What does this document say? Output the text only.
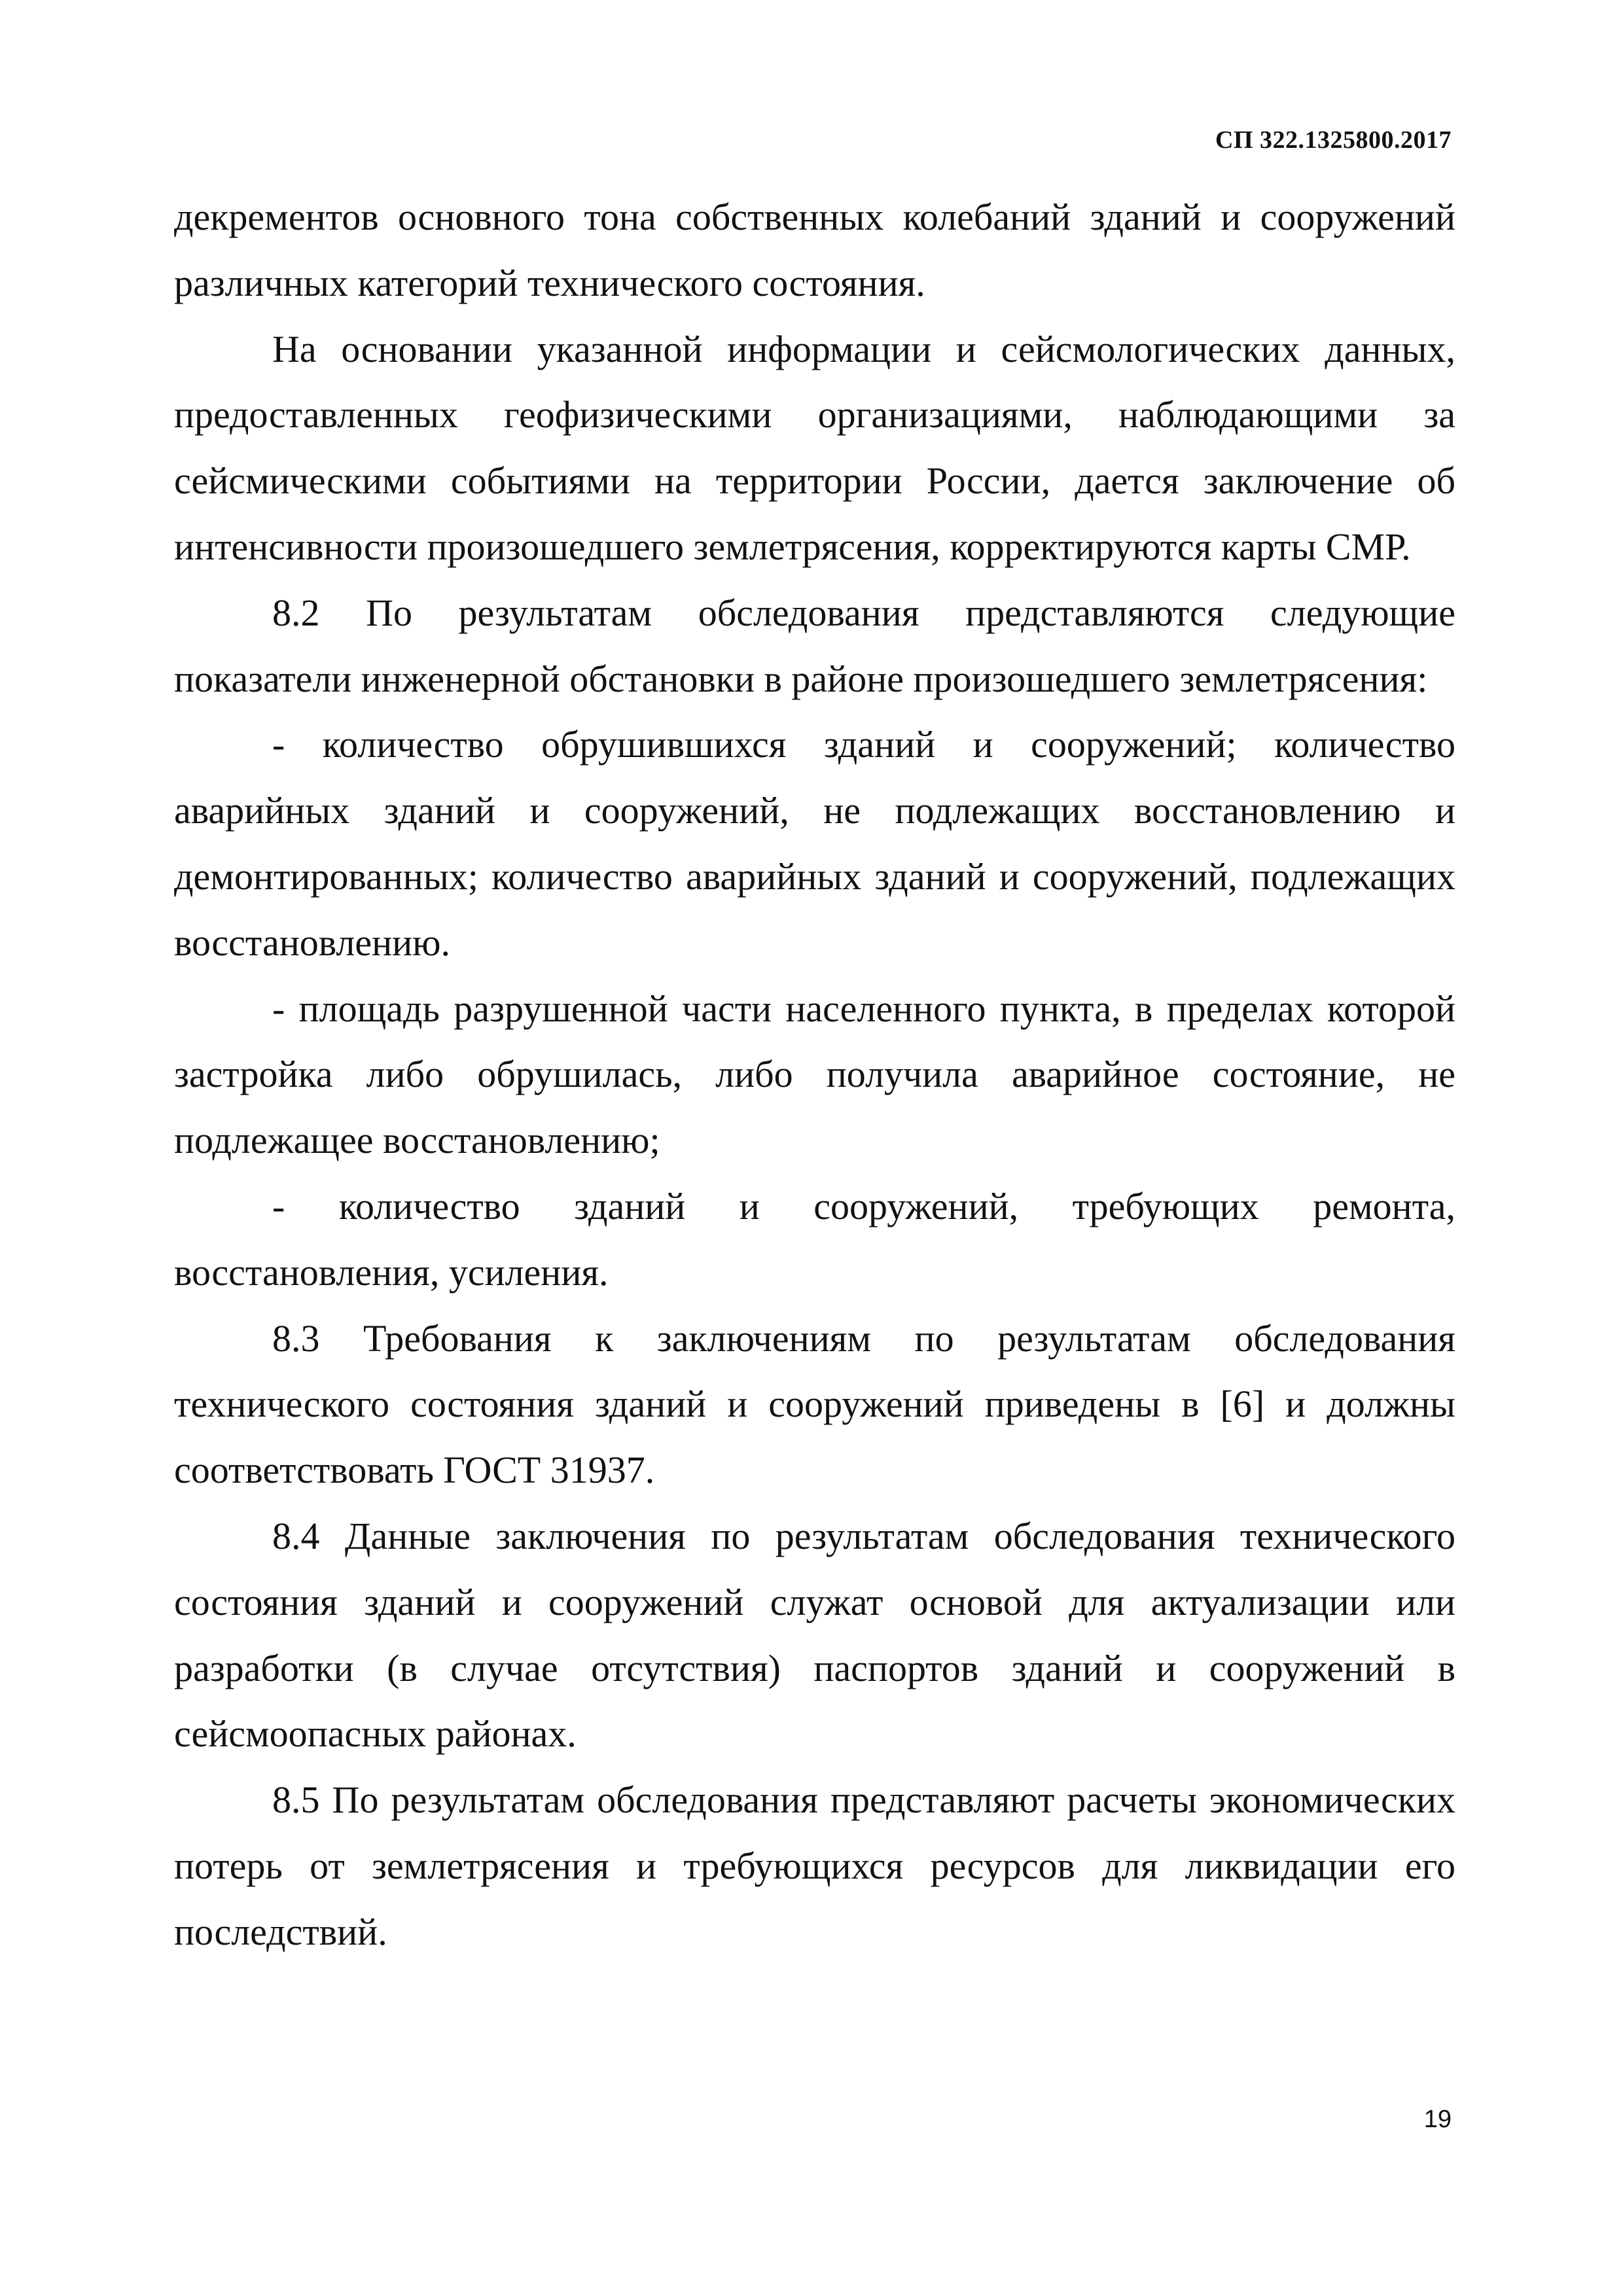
СП 322.1325800.2017

декрементов основного тона собственных колебаний зданий и сооружений различных категорий технического состояния.

На основании указанной информации и сейсмологических данных, предоставленных геофизическими организациями, наблюдающими за сейсмическими событиями на территории России, дается заключение об интенсивности произошедшего землетрясения, корректируются карты СМР.

8.2 По результатам обследования представляются следующие показатели инженерной обстановки в районе произошедшего землетрясения:

- количество обрушившихся зданий и сооружений; количество аварийных зданий и сооружений, не подлежащих восстановлению и демонтированных; количество аварийных зданий и сооружений, подлежащих восстановлению.

- площадь разрушенной части населенного пункта, в пределах которой застройка либо обрушилась, либо получила аварийное состояние, не подлежащее восстановлению;

- количество зданий и сооружений, требующих ремонта, восстановления, усиления.

8.3 Требования к заключениям по результатам обследования технического состояния зданий и сооружений приведены в [6] и должны соответствовать ГОСТ 31937.

8.4 Данные заключения по результатам обследования технического состояния зданий и сооружений служат основой для актуализации или разработки (в случае отсутствия) паспортов зданий и сооружений в сейсмоопасных районах.

8.5 По результатам обследования представляют расчеты экономических потерь от землетрясения и требующихся ресурсов для ликвидации его последствий.

19
